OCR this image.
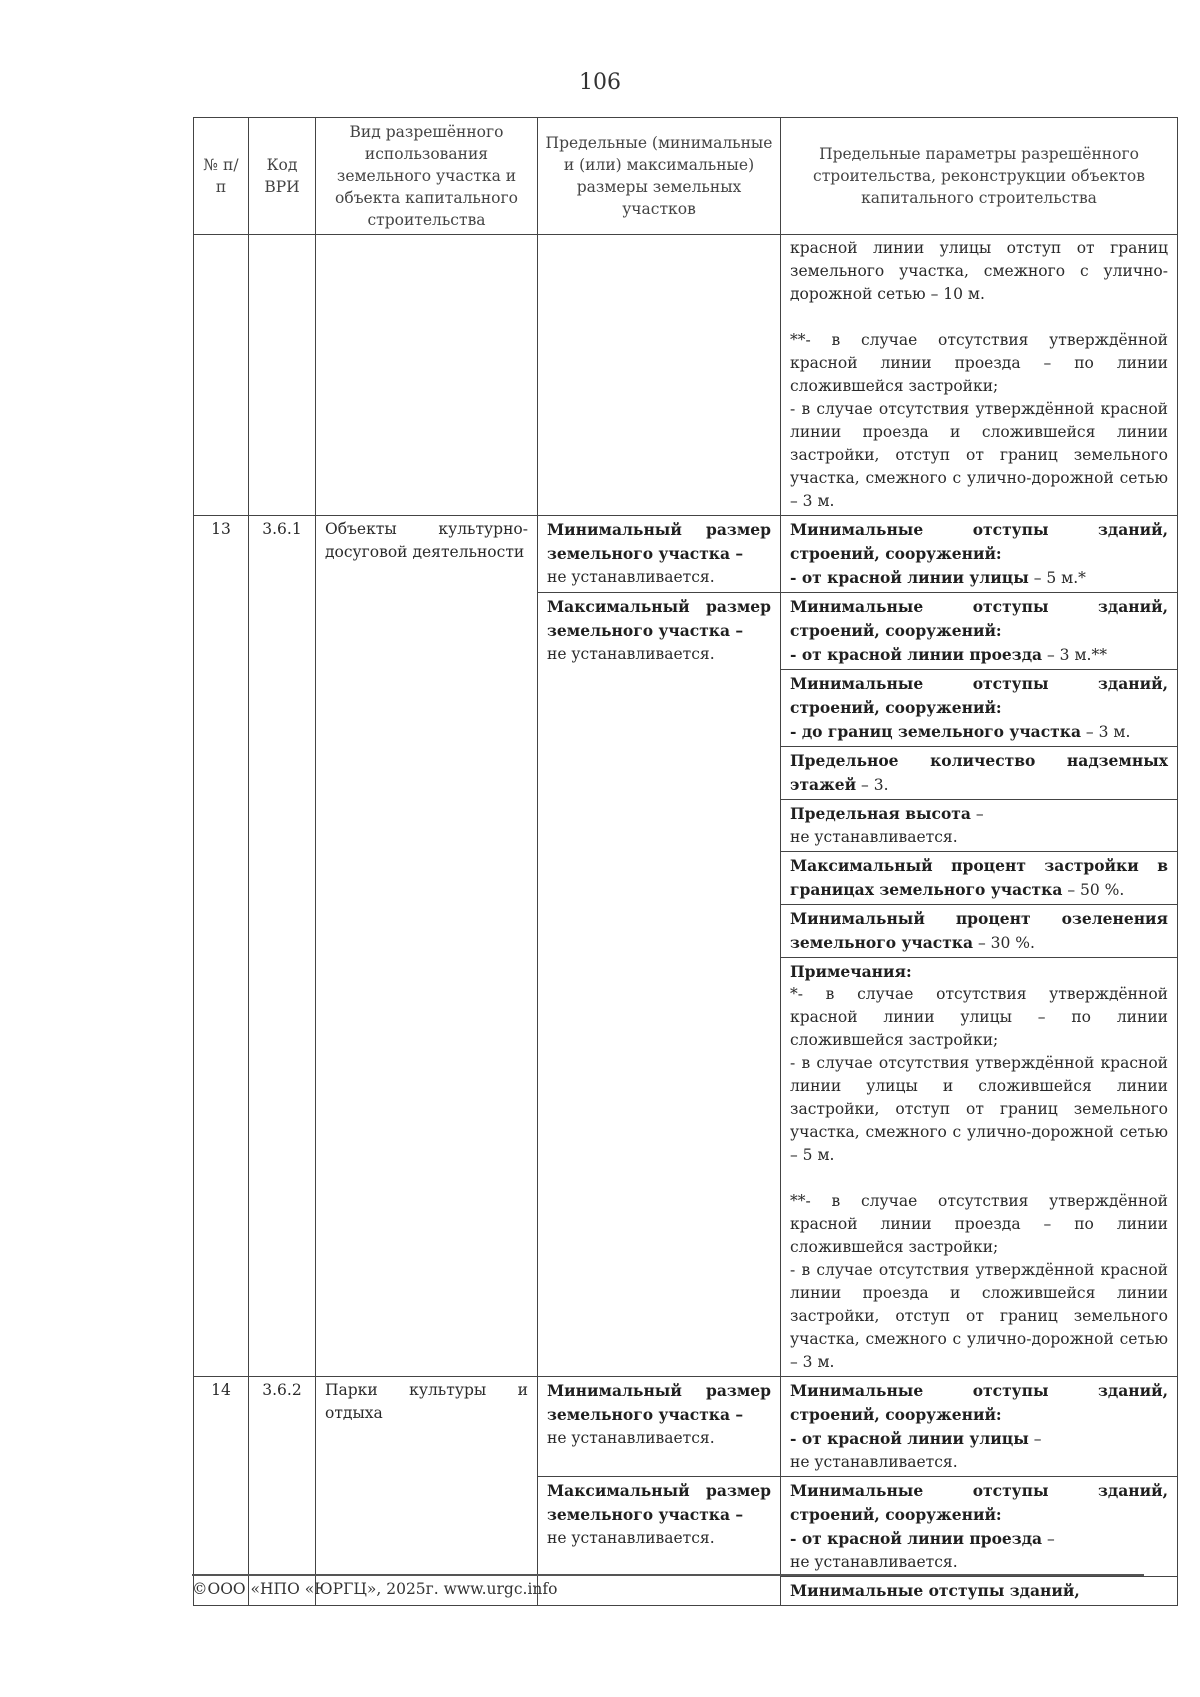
106
№ п/п	Код ВРИ	Вид разрешённого использования земельного участка и объекта капитального строительства	Предельные (минимальные и (или) максимальные) размеры земельных участков	Предельные параметры разрешённого строительства, реконструкции объектов капитального строительства

				красной линии улицы отступ от границ земельного участка, смежного с улично-дорожной сетью – 10 м.
**- в случае отсутствия утверждённой красной линии проезда – по линии сложившейся застройки;
- в случае отсутствия утверждённой красной линии проезда и сложившейся линии застройки, отступ от границ земельного участка, смежного с улично-дорожной сетью – 3 м.

13	3.6.1	Объекты культурно-досуговой деятельности	Минимальный размер земельного участка –
не устанавливается.	Минимальные отступы зданий, строений, сооружений:
- от красной линии улицы – 5 м.*
			Максимальный размер земельного участка –
не устанавливается.	Минимальные отступы зданий, строений, сооружений:
- от красной линии проезда – 3 м.**
				Минимальные отступы зданий, строений, сооружений:
- до границ земельного участка – 3 м.
				Предельное количество надземных этажей – 3.
				Предельная высота –
не устанавливается.
				Максимальный процент застройки в границах земельного участка – 50 %.
				Минимальный процент озеленения земельного участка – 30 %.

				Примечания:
*- в случае отсутствия утверждённой красной линии улицы – по линии сложившейся застройки;
- в случае отсутствия утверждённой красной линии улицы и сложившейся линии застройки, отступ от границ земельного участка, смежного с улично-дорожной сетью – 5 м.
**- в случае отсутствия утверждённой красной линии проезда – по линии сложившейся застройки;
- в случае отсутствия утверждённой красной линии проезда и сложившейся линии застройки, отступ от границ земельного участка, смежного с улично-дорожной сетью – 3 м.

14	3.6.2	Парки культуры и отдыха	Минимальный размер земельного участка –
не устанавливается.	Минимальные отступы зданий, строений, сооружений:
- от красной линии улицы –
не устанавливается.
			Максимальный размер земельного участка –
не устанавливается.	Минимальные отступы зданий, строений, сооружений:
- от красной линии проезда –
не устанавливается.
				Минимальные отступы зданий,
©ООО «НПО «ЮРГЦ», 2025г. www.urgc.info
